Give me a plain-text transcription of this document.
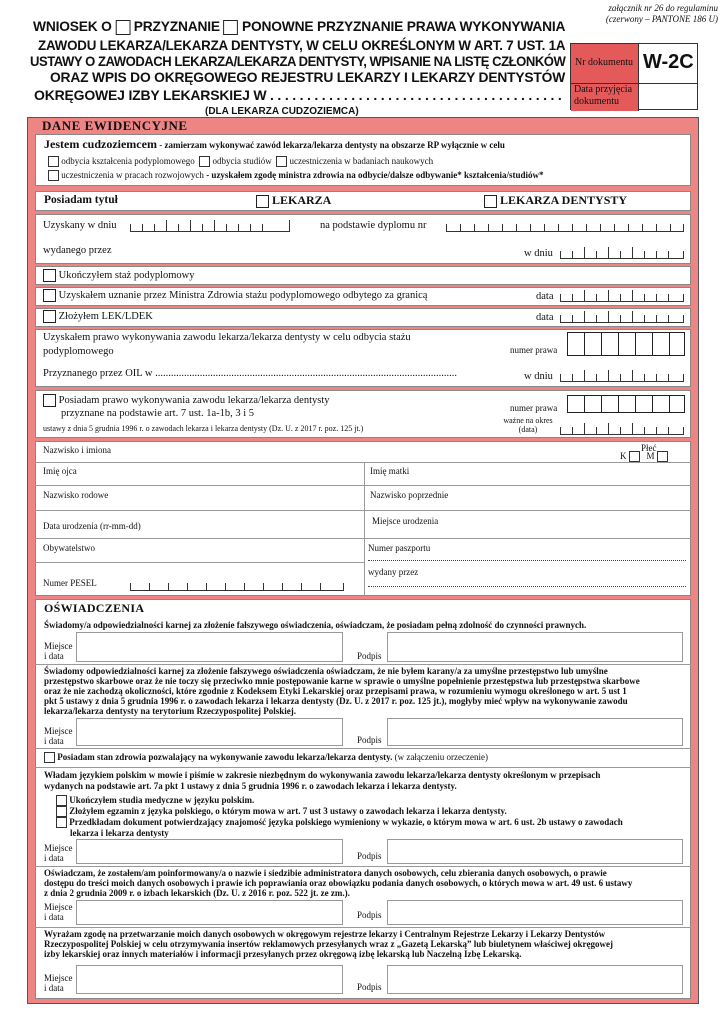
załącznik nr 26 do regulaminu
(czerwony – PANTONE 186 U)
WNIOSEK O PRZYZNANIE PONOWNE PRZYZNANIE PRAWA WYKONYWANIA
ZAWODU LEKARZA/LEKARZA DENTYSTY, W CELU OKREŚLONYM W ART. 7 UST. 1A
USTAWY O ZAWODACH LEKARZA/LEKARZA DENTYSTY, WPISANIE NA LISTĘ CZŁONKÓW
ORAZ WPIS DO OKRĘGOWEGO REJESTRU LEKARZY I LEKARZY DENTYSTÓW
OKRĘGOWEJ IZBY LEKARSKIEJ W . . . . . . . . . . . . . . . . . . . . . . . . . . . . . . . . . . . . . . . .
(DLA LEKARZA CUDZOZIEMCA)
Nr dokumentu W-2C
Data przyjęcia dokumentu
DANE EWIDENCYJNE
Jestem cudzoziemcem - zamierzam wykonywać zawód lekarza/lekarza dentysty na obszarze RP wyłącznie w celu
odbycia kształcenia podyplomowego odbycia studiów uczestniczenia w badaniach naukowych
uczestniczenia w pracach rozwojowych - uzyskałem zgodę ministra zdrowia na odbycie/dalsze odbywanie* kształcenia/studiów*
Posiadam tytuł	LEKARZA	LEKARZA DENTYSTY
Uzyskany w dniu	na podstawie dyplomu nr
wydanego przez	w dniu
Ukończyłem staż podyplomowy
Uzyskałem uznanie przez Ministra Zdrowia stażu podyplomowego odbytego za granicą	data
Złożyłem LEK/LDEK	data
Uzyskałem prawo wykonywania zawodu lekarza/lekarza dentysty w celu odbycia stażu
podyplomowego	numer prawa
Przyznanego przez OIL w ...................................................................................................................	w dniu
Posiadam prawo wykonywania zawodu lekarza/lekarza dentysty
przyznane na podstawie art. 7 ust. 1a-1b, 3 i 5
ustawy z dnia 5 grudnia 1996 r. o zawodach lekarza i lekarza dentysty (Dz. U. z 2017 r. poz. 125 jt.)
numer prawa
ważne na okres
(data)
Nazwisko i imiona	Płeć
K M
Imię ojca	Imię matki
Nazwisko rodowe	Nazwisko poprzednie
Data urodzenia (rr-mm-dd)	Miejsce urodzenia
Obywatelstwo	Numer paszportu
wydany przez
Numer PESEL
OŚWIADCZENIA
Świadomy/a odpowiedzialności karnej za złożenie fałszywego oświadczenia, oświadczam, że posiadam pełną zdolność do czynności prawnych.
Miejsce
i data	Podpis
Świadomy odpowiedzialności karnej za złożenie fałszywego oświadczenia oświadczam, że nie byłem karany/a za umyślne przestępstwo lub umyślne
przestępstwo skarbowe oraz że nie toczy się przeciwko mnie postępowanie karne w sprawie o umyślne popełnienie przestępstwa lub przestępstwa skarbowe
oraz że nie zachodzą okoliczności, które zgodnie z Kodeksem Etyki Lekarskiej oraz przepisami prawa, w rozumieniu wymogu określonego w art. 5 ust 1
pkt 5 ustawy z dnia 5 grudnia 1996 r. o zawodach lekarza i lekarza dentysty (Dz. U. z 2017 r. poz. 125 jt.), mogłyby mieć wpływ na wykonywanie zawodu
lekarza/lekarza dentysty na terytorium Rzeczypospolitej Polskiej.
Miejsce
i data	Podpis
Posiadam stan zdrowia pozwalający na wykonywanie zawodu lekarza/lekarza dentysty. (w załączeniu orzeczenie)
Władam językiem polskim w mowie i piśmie w zakresie niezbędnym do wykonywania zawodu lekarza/lekarza dentysty określonym w przepisach
wydanych na podstawie art. 7a pkt 1 ustawy z dnia 5 grudnia 1996 r. o zawodach lekarza i lekarza dentysty.
Ukończyłem studia medyczne w języku polskim.
Złożyłem egzamin z języka polskiego, o którym mowa w art. 7 ust 3 ustawy o zawodach lekarza i lekarza dentysty.
Przedkładam dokument potwierdzający znajomość języka polskiego wymieniony w wykazie, o którym mowa w art. 6 ust. 2b ustawy o zawodach
lekarza i lekarza dentysty
Miejsce
i data	Podpis
Oświadczam, że zostałem/am poinformowany/a o nazwie i siedzibie administratora danych osobowych, celu zbierania danych osobowych, o prawie
dostępu do treści moich danych osobowych i prawie ich poprawiania oraz obowiązku podania danych osobowych, o których mowa w art. 49 ust. 6 ustawy
z dnia 2 grudnia 2009 r. o izbach lekarskich (Dz. U. z 2016 r. poz. 522 jt. ze zm.).
Miejsce
i data	Podpis
Wyrażam zgodę na przetwarzanie moich danych osobowych w okręgowym rejestrze lekarzy i Centralnym Rejestrze Lekarzy i Lekarzy Dentystów
Rzeczypospolitej Polskiej w celu otrzymywania insertów reklamowych przesyłanych wraz z „Gazetą Lekarską” lub biuletynem właściwej okręgowej
izby lekarskiej oraz innych materiałów i informacji przesyłanych przez okręgową izbę lekarską lub Naczelną Izbę Lekarską.
Miejsce
i data	Podpis
